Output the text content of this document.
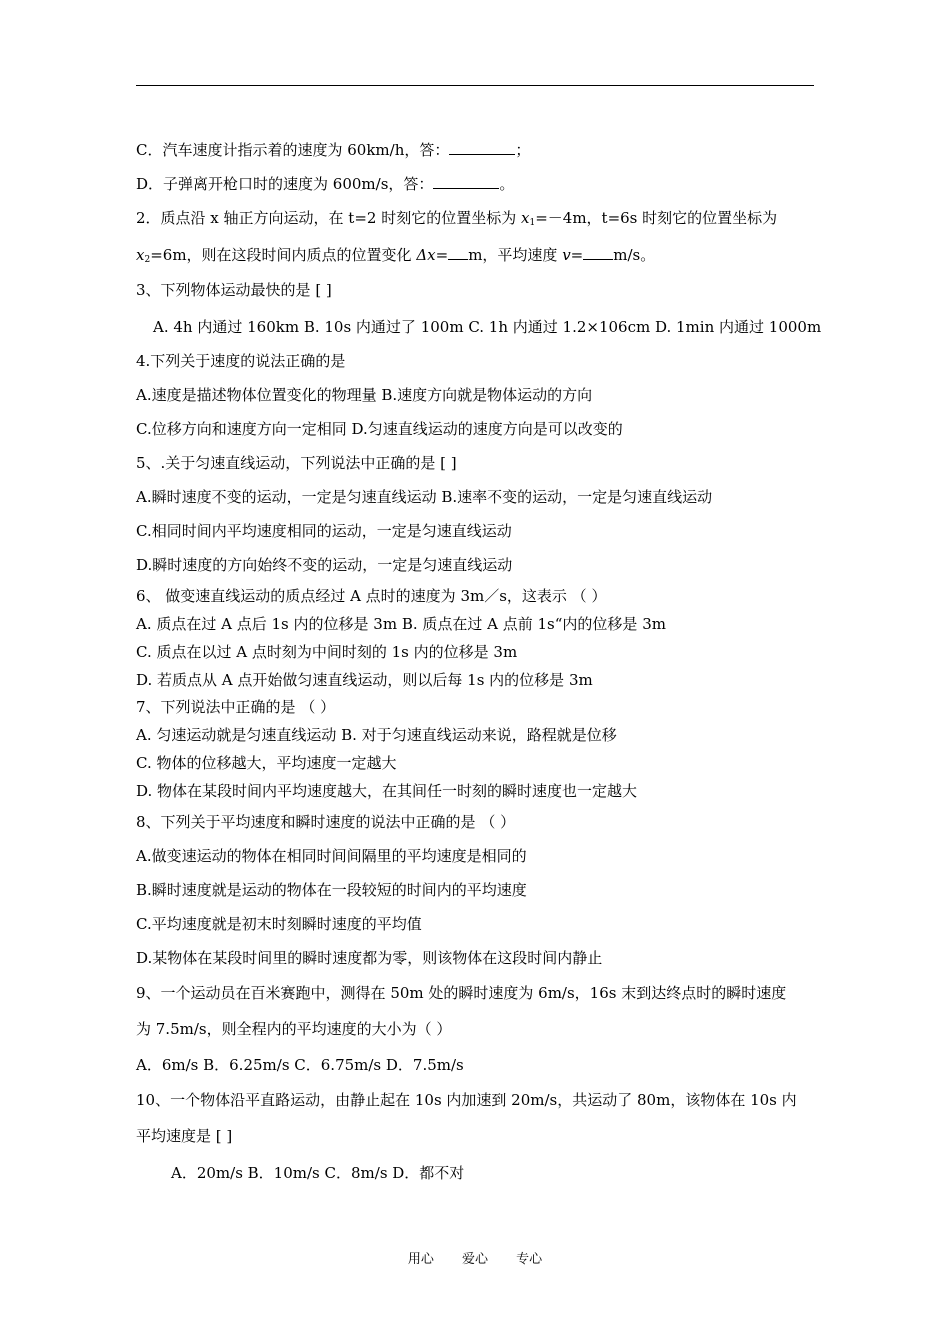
C．汽车速度计指示着的速度为 60km/h，答：	；
D．子弹离开枪口时的速度为 600m/s，答：	。
2．质点沿 x 轴正方向运动，在 t=2 时刻它的位置坐标为 $x_1=-4m$，t=6s 时刻它的位置坐标为
$x_2=6m$，则在这段时间内质点的位置变化 Δx= m，平均速度 v= m/s。
3、下列物体运动最快的是 [ ]
A. 4h 内通过 160km B. 10s 内通过了 100m C. 1h 内通过 1.2×106cm D. 1min 内通过 1000m
4.下列关于速度的说法正确的是
A.速度是描述物体位置变化的物理量 B.速度方向就是物体运动的方向
C.位移方向和速度方向一定相同 D.匀速直线运动的速度方向是可以改变的
5、.关于匀速直线运动，下列说法中正确的是 [ ]
A.瞬时速度不变的运动，一定是匀速直线运动 B.速率不变的运动，一定是匀速直线运动
C.相同时间内平均速度相同的运动，一定是匀速直线运动
D.瞬时速度的方向始终不变的运动，一定是匀速直线运动
6、 做变速直线运动的质点经过 A 点时的速度为 3m／s，这表示 （ ）
A. 质点在过 A 点后 1s 内的位移是 3m B. 质点在过 A 点前 1s“内的位移是 3m
C. 质点在以过 A 点时刻为中间时刻的 1s 内的位移是 3m
D. 若质点从 A 点开始做匀速直线运动，则以后每 1s 内的位移是 3m
7、下列说法中正确的是 （ ）
A. 匀速运动就是匀速直线运动 B. 对于匀速直线运动来说，路程就是位移
C. 物体的位移越大，平均速度一定越大
D. 物体在某段时间内平均速度越大，在其间任一时刻的瞬时速度也一定越大
8、下列关于平均速度和瞬时速度的说法中正确的是 （ ）
A.做变速运动的物体在相同时间间隔里的平均速度是相同的
B.瞬时速度就是运动的物体在一段较短的时间内的平均速度
C.平均速度就是初末时刻瞬时速度的平均值
D.某物体在某段时间里的瞬时速度都为零，则该物体在这段时间内静止
9、一个运动员在百米赛跑中，测得在 50m 处的瞬时速度为 6m/s，16s 末到达终点时的瞬时速度
为 7.5m/s，则全程内的平均速度的大小为（ ）
A．6m/s B．6.25m/s C．6.75m/s D．7.5m/s
10、一个物体沿平直路运动，由静止起在 10s 内加速到 20m/s，共运动了 80m，该物体在 10s 内
平均速度是 [ ]
A．20m/s B．10m/s C．8m/s D．都不对
用心 爱心 专心
